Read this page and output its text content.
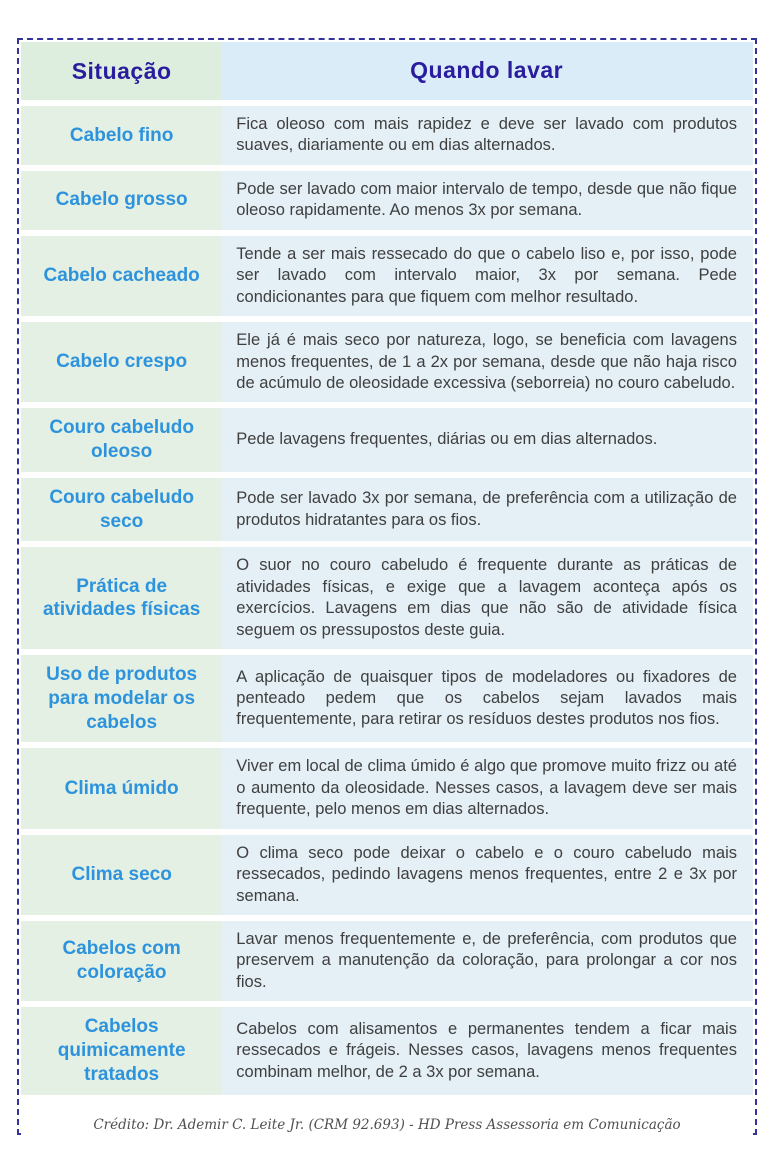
Situação	Quando lavar
Cabelo fino
Fica oleoso com mais rapidez e deve ser lavado com produtos suaves, diariamente ou em dias alternados.
Cabelo grosso
Pode ser lavado com maior intervalo de tempo, desde que não fique oleoso rapidamente. Ao menos 3x por semana.
Cabelo cacheado
Tende a ser mais ressecado do que o cabelo liso e, por isso, pode ser lavado com intervalo maior, 3x por semana. Pede condicionantes para que fiquem com melhor resultado.
Cabelo crespo
Ele já é mais seco por natureza, logo, se beneficia com lavagens menos frequentes, de 1 a 2x por semana, desde que não haja risco de acúmulo de oleosidade excessiva (seborreia) no couro cabeludo.
Couro cabeludo oleoso
Pede lavagens frequentes, diárias ou em dias alternados.
Couro cabeludo seco
Pode ser lavado 3x por semana, de preferência com a utilização de produtos hidratantes para os fios.
Prática de atividades físicas
O suor no couro cabeludo é frequente durante as práticas de atividades físicas, e exige que a lavagem aconteça após os exercícios. Lavagens em dias que não são de atividade física seguem os pressupostos deste guia.
Uso de produtos para modelar os cabelos
A aplicação de quaisquer tipos de modeladores ou fixadores de penteado pedem que os cabelos sejam lavados mais frequentemente, para retirar os resíduos destes produtos nos fios.
Clima úmido
Viver em local de clima úmido é algo que promove muito frizz ou até o aumento da oleosidade. Nesses casos, a lavagem deve ser mais frequente, pelo menos em dias alternados.
Clima seco
O clima seco pode deixar o cabelo e o couro cabeludo mais ressecados, pedindo lavagens menos frequentes, entre 2 e 3x por semana.
Cabelos com coloração
Lavar menos frequentemente e, de preferência, com produtos que preservem a manutenção da coloração, para prolongar a cor nos fios.
Cabelos quimicamente tratados
Cabelos com alisamentos e permanentes tendem a ficar mais ressecados e frágeis. Nesses casos, lavagens menos frequentes combinam melhor, de 2 a 3x por semana.
Crédito: Dr. Ademir C. Leite Jr. (CRM 92.693) - HD Press Assessoria em Comunicação
